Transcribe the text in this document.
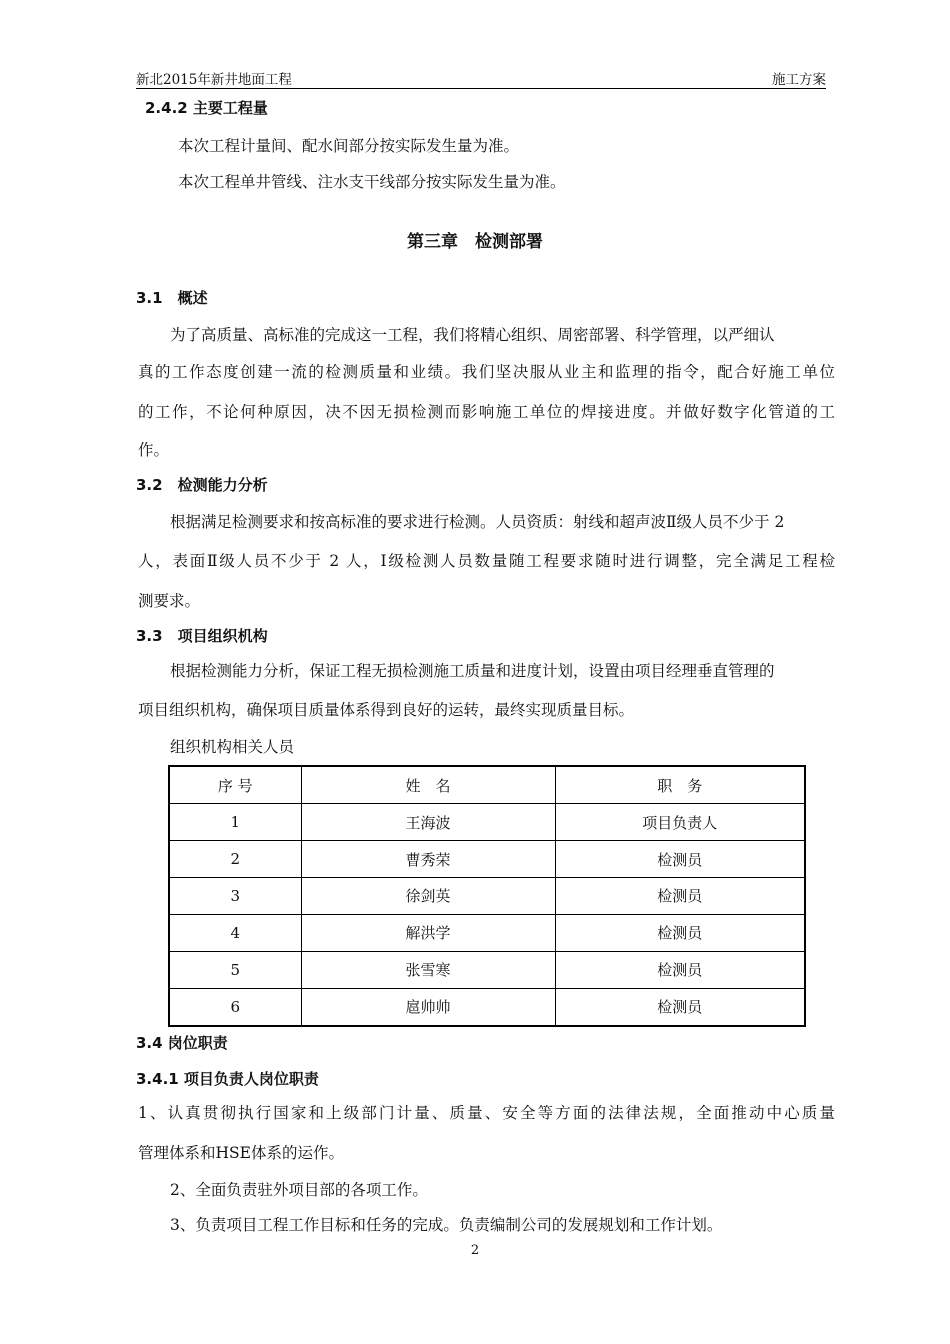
新北2015年新井地面工程	施工方案
2.4.2 主要工程量
本次工程计量间、配水间部分按实际发生量为准。
本次工程单井管线、注水支干线部分按实际发生量为准。
第三章　检测部署
3.1　概述
为了高质量、高标准的完成这一工程，我们将精心组织、周密部署、科学管理，以严细认
真的工作态度创建一流的检测质量和业绩。我们坚决服从业主和监理的指令，配合好施工单位
的工作，不论何种原因，决不因无损检测而影响施工单位的焊接进度。并做好数字化管道的工
作。
3.2　检测能力分析
根据满足检测要求和按高标准的要求进行检测。人员资质：射线和超声波Ⅱ级人员不少于 2
人，表面Ⅱ级人员不少于 2 人，Ⅰ级检测人员数量随工程要求随时进行调整，完全满足工程检
测要求。
3.3　项目组织机构
根据检测能力分析，保证工程无损检测施工质量和进度计划，设置由项目经理垂直管理的
项目组织机构，确保项目质量体系得到良好的运转，最终实现质量目标。
组织机构相关人员
序 号	姓　名	职　务
1	王海波	项目负责人
2	曹秀荣	检测员
3	徐剑英	检测员
4	解洪学	检测员
5	张雪寒	检测员
6	扈帅帅	检测员
3.4 岗位职责
3.4.1 项目负责人岗位职责
1、认真贯彻执行国家和上级部门计量、质量、安全等方面的法律法规，全面推动中心质量
管理体系和HSE体系的运作。
2、全面负责驻外项目部的各项工作。
3、负责项目工程工作目标和任务的完成。负责编制公司的发展规划和工作计划。
2
